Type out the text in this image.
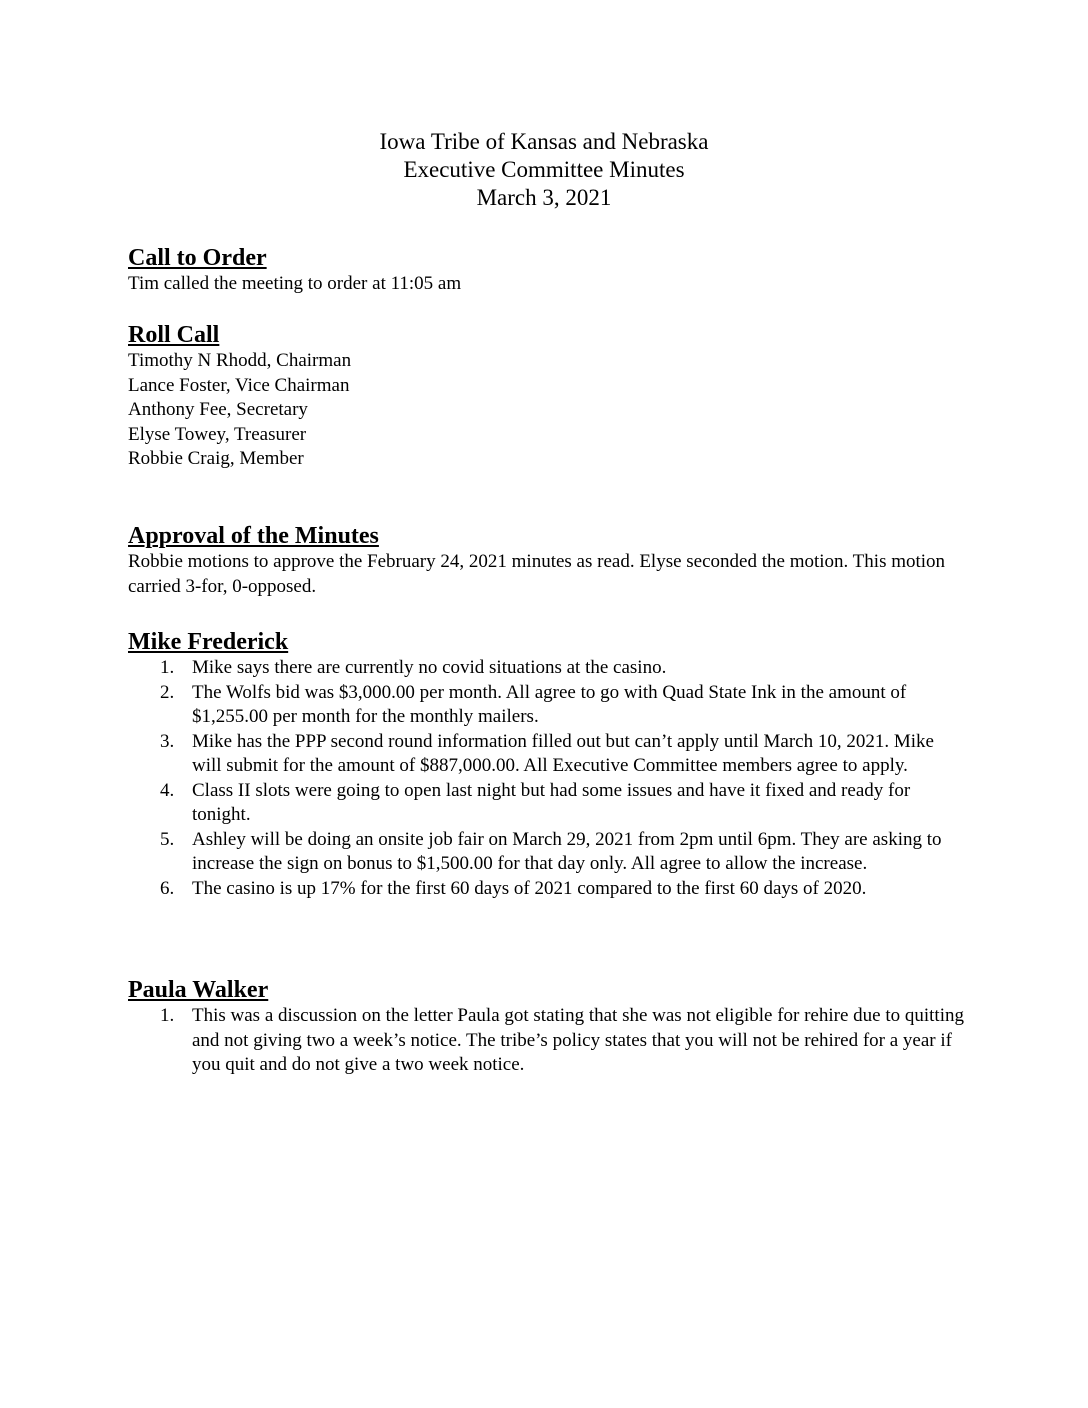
Iowa Tribe of Kansas and Nebraska
Executive Committee Minutes
March 3, 2021
Call to Order

Tim called the meeting to order at 11:05 am

Roll Call
Timothy N Rhodd, Chairman
Lance Foster, Vice Chairman
Anthony Fee, Secretary
Elyse Towey, Treasurer
Robbie Craig, Member
Approval of the Minutes

Robbie motions to approve the February 24, 2021 minutes as read. Elyse seconded the motion. This motion carried 3-for, 0-opposed.

Mike Frederick
1. Mike says there are currently no covid situations at the casino.
2. The Wolfs bid was $3,000.00 per month. All agree to go with Quad State Ink in the amount of $1,255.00 per month for the monthly mailers.
3. Mike has the PPP second round information filled out but can’t apply until March 10, 2021. Mike will submit for the amount of $887,000.00. All Executive Committee members agree to apply.
4. Class II slots were going to open last night but had some issues and have it fixed and ready for tonight.
5. Ashley will be doing an onsite job fair on March 29, 2021 from 2pm until 6pm. They are asking to increase the sign on bonus to $1,500.00 for that day only. All agree to allow the increase.
6. The casino is up 17% for the first 60 days of 2021 compared to the first 60 days of 2020.
Paula Walker
1. This was a discussion on the letter Paula got stating that she was not eligible for rehire due to quitting and not giving two a week’s notice. The tribe’s policy states that you will not be rehired for a year if you quit and do not give a two week notice.
